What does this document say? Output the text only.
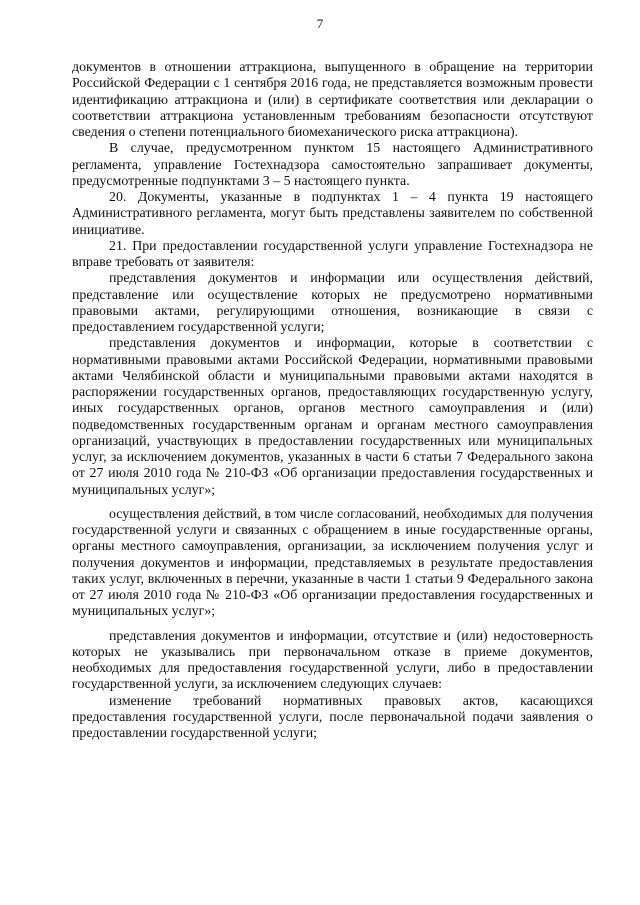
7

документов в отношении аттракциона, выпущенного в обращение на территории Российской Федерации с 1 сентября 2016 года, не представляется возможным провести идентификацию аттракциона и (или) в сертификате соответствия или декларации о соответствии аттракциона установленным требованиям безопасности отсутствуют сведения о степени потенциального биомеханического риска аттракциона).

В случае, предусмотренном пунктом 15 настоящего Административного регламента, управление Гостехнадзора самостоятельно запрашивает документы, предусмотренные подпунктами 3 – 5 настоящего пункта.

20. Документы, указанные в подпунктах 1 – 4 пункта 19 настоящего Административного регламента, могут быть представлены заявителем по собственной инициативе.

21. При предоставлении государственной услуги управление Гостехнадзора не вправе требовать от заявителя:

представления документов и информации или осуществления действий, представление или осуществление которых не предусмотрено нормативными правовыми актами, регулирующими отношения, возникающие в связи с предоставлением государственной услуги;

представления документов и информации, которые в соответствии с нормативными правовыми актами Российской Федерации, нормативными правовыми актами Челябинской области и муниципальными правовыми актами находятся в распоряжении государственных органов, предоставляющих государственную услугу, иных государственных органов, органов местного самоуправления и (или) подведомственных государственным органам и органам местного самоуправления организаций, участвующих в предоставлении государственных или муниципальных услуг, за исключением документов, указанных в части 6 статьи 7 Федерального закона от 27 июля 2010 года № 210-ФЗ «Об организации предоставления государственных и муниципальных услуг»;

осуществления действий, в том числе согласований, необходимых для получения государственной услуги и связанных с обращением в иные государственные органы, органы местного самоуправления, организации, за исключением получения услуг и получения документов и информации, представляемых в результате предоставления таких услуг, включенных в перечни, указанные в части 1 статьи 9 Федерального закона от 27 июля 2010 года № 210-ФЗ «Об организации предоставления государственных и муниципальных услуг»;

представления документов и информации, отсутствие и (или) недостоверность которых не указывались при первоначальном отказе в приеме документов, необходимых для предоставления государственной услуги, либо в предоставлении государственной услуги, за исключением следующих случаев:

изменение требований нормативных правовых актов, касающихся предоставления государственной услуги, после первоначальной подачи заявления о предоставлении государственной услуги;
